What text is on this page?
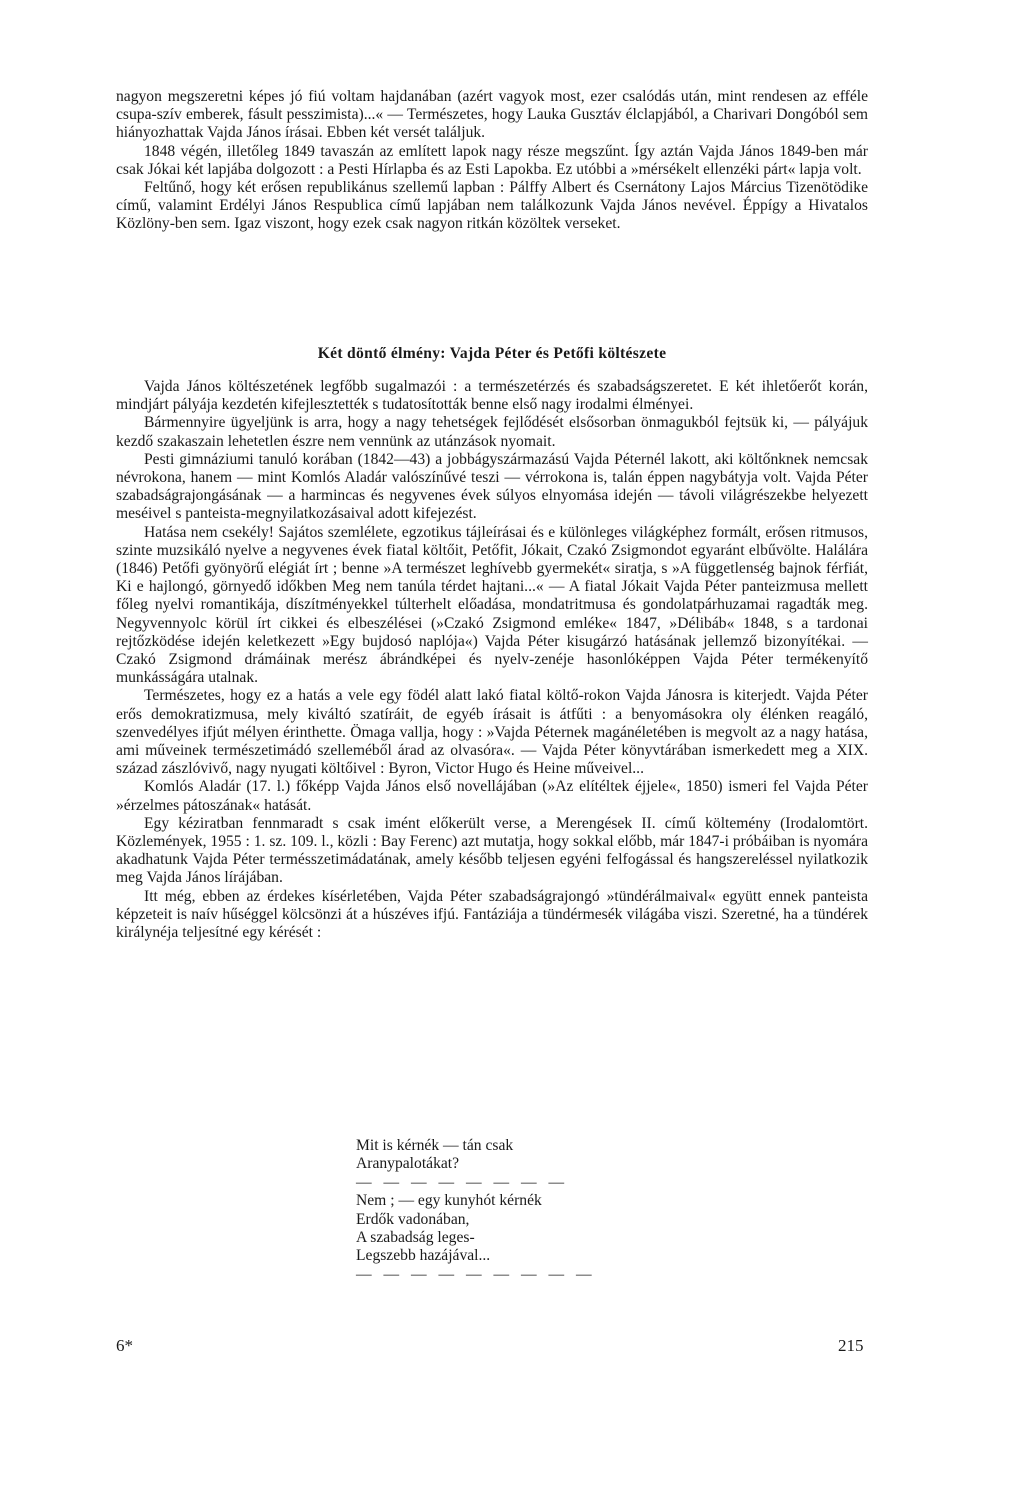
nagyon megszeretni képes jó fiú voltam hajdanában (azért vagyok most, ezer csalódás után, mint rendesen az efféle csupa-szív emberek, fásult pesszimista)...« — Természetes, hogy Lauka Gusztáv élclapjából, a Charivari Dongóból sem hiányozhattak Vajda János írásai. Ebben két versét találjuk.

1848 végén, illetőleg 1849 tavaszán az említett lapok nagy része megszűnt. Így aztán Vajda János 1849-ben már csak Jókai két lapjába dolgozott : a Pesti Hírlapba és az Esti Lapokba. Ez utóbbi a »mérsékelt ellenzéki párt« lapja volt.

Feltűnő, hogy két erősen republikánus szellemű lapban : Pálffy Albert és Csernátony Lajos Március Tizenötödike című, valamint Erdélyi János Respublica című lapjában nem találkozunk Vajda János nevével. Éppígy a Hivatalos Közlöny-ben sem. Igaz viszont, hogy ezek csak nagyon ritkán közöltek verseket.

Két döntő élmény: Vajda Péter és Petőfi költészete

Vajda János költészetének legfőbb sugalmazói : a természetérzés és szabadságszeretet. E két ihletőerőt korán, mindjárt pályája kezdetén kifejlesztették s tudatosították benne első nagy irodalmi élményei.

Bármennyire ügyeljünk is arra, hogy a nagy tehetségek fejlődését elsősorban önmagukból fejtsük ki, — pályájuk kezdő szakaszain lehetetlen észre nem vennünk az utánzások nyomait.

Pesti gimnáziumi tanuló korában (1842—43) a jobbágyszármazású Vajda Péternél lakott, aki költőnknek nemcsak névrokona, hanem — mint Komlós Aladár valószínűvé teszi — vérrokona is, talán éppen nagybátyja volt. Vajda Péter szabadságrajongásának — a harmincas és negyvenes évek súlyos elnyomása idején — távoli világrészekbe helyezett meséivel s panteista-megnyilatkozásaival adott kifejezést.

Hatása nem csekély! Sajátos szemlélete, egzotikus tájleírásai és e különleges világképhez formált, erősen ritmusos, szinte muzsikáló nyelve a negyvenes évek fiatal költőit, Petőfit, Jókait, Czakó Zsigmondot egyaránt elbűvölte. Halálára (1846) Petőfi gyönyörű elégiát írt ; benne »A természet leghívebb gyermekét« siratja, s »A függetlenség bajnok férfiát, Ki e hajlongó, görnyedő időkben Meg nem tanúla térdet hajtani...« — A fiatal Jókait Vajda Péter panteizmusa mellett főleg nyelvi romantikája, díszítményekkel túlterhelt előadása, mondatritmusa és gondolatpárhuzamai ragadták meg. Negyvennyolc körül írt cikkei és elbeszélései (»Czakó Zsigmond emléke« 1847, »Délibáb« 1848, s a tardonai rejtőzködése idején keletkezett »Egy bujdosó naplója«) Vajda Péter kisugárzó hatásának jellemző bizonyítékai. — Czakó Zsigmond drámáinak merész ábrándképei és nyelv-zenéje hasonlóképpen Vajda Péter termékenyítő munkásságára utalnak.

Természetes, hogy ez a hatás a vele egy födél alatt lakó fiatal költő-rokon Vajda Jánosra is kiterjedt. Vajda Péter erős demokratizmusa, mely kiváltó szatíráit, de egyéb írásait is átfűti : a benyomásokra oly élénken reagáló, szenvedélyes ifjút mélyen érinthette. Ömaga vallja, hogy : »Vajda Péternek magánéletében is megvolt az a nagy hatása, ami műveinek természetimádó szelleméből árad az olvasóra«. — Vajda Péter könyvtárában ismerkedett meg a XIX. század zászlóvivő, nagy nyugati költőivel : Byron, Victor Hugo és Heine műveivel...

Komlós Aladár (17. l.) főképp Vajda János első novellájában (»Az elítéltek éjjele«, 1850) ismeri fel Vajda Péter »érzelmes pátoszának« hatását.

Egy kéziratban fennmaradt s csak imént előkerült verse, a Merengések II. című költemény (Irodalomtört. Közlemények, 1955 : 1. sz. 109. l., közli : Bay Ferenc) azt mutatja, hogy sokkal előbb, már 1847-i próbáiban is nyomára akadhatunk Vajda Péter termésszetimádatának, amely később teljesen egyéni felfogással és hangszereléssel nyilatkozik meg Vajda János lírájában.

Itt még, ebben az érdekes kísérletében, Vajda Péter szabadságrajongó »tündérálmaival« együtt ennek panteista képzeteit is naív hűséggel kölcsönzi át a húszéves ifjú. Fantáziája a tündérmesék világába viszi. Szeretné, ha a tündérek királynéja teljesítné egy kérését :

Mit is kérnék — tán csak
Aranypalotákat?
— — — — — — — —
Nem ; — egy kunyhót kérnék
Erdők vadonában,
A szabadság leges-
Legszebb hazájával...
— — — — — — — — —
6*	215
